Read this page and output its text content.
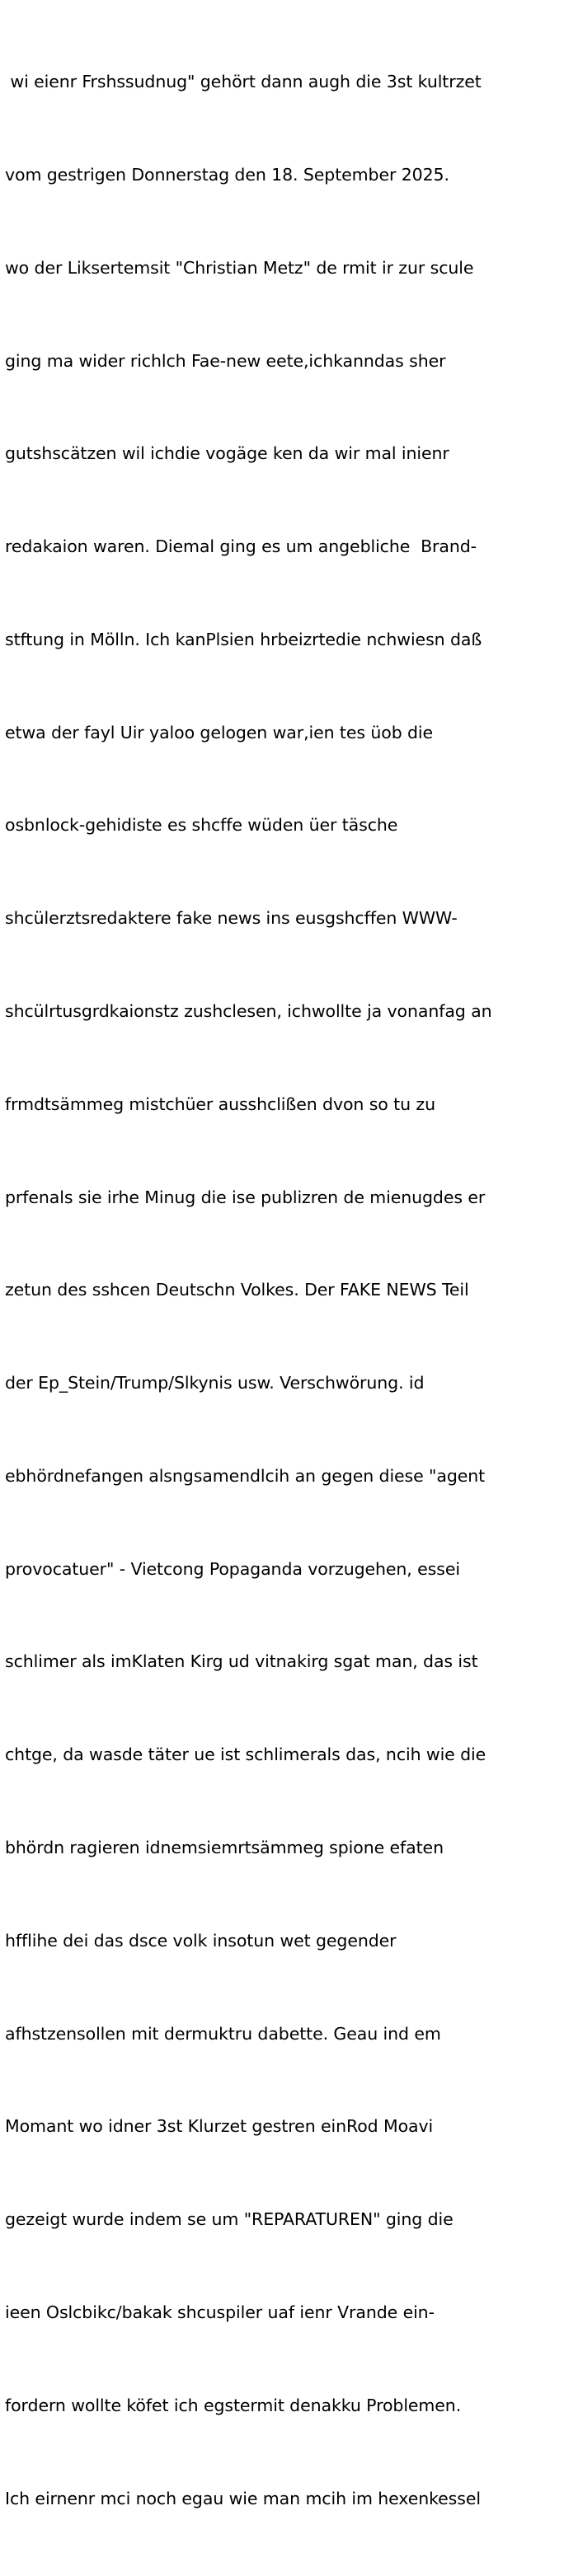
wi eienr Frshssudnug" gehört dann augh die 3st kultrzet

vom gestrigen Donnerstag den 18. September 2025.

wo der Liksertemsit "Christian Metz" de rmit ir zur scule

ging ma wider richlch Fae-new eete,ichkanndas sher

gutshscätzen wil ichdie vogäge ken da wir mal inienr

redakaion waren. Diemal ging es um angebliche  Brand-

stftung in Mölln. Ich kanPlsien hrbeizrtedie nchwiesn daß

etwa der fayl Uir yaloo gelogen war,ien tes üob die

osbnlock-gehidiste es shcffe wüden üer täsche

shcülerztsredaktere fake news ins eusgshcffen WWW-

shcülrtusgrdkaionstz zushclesen, ichwollte ja vonanfag an

frmdtsämmeg mistchüer ausshclißen dvon so tu zu

prfenals sie irhe Minug die ise publizren de mienugdes er

zetun des sshcen Deutschn Volkes. Der FAKE NEWS Teil

der Ep_Stein/Trump/Slkynis usw. Verschwörung. id

ebhördnefangen alsngsamendlcih an gegen diese "agent

provocatuer" - Vietcong Popaganda vorzugehen, essei

schlimer als imKlaten Kirg ud vitnakirg sgat man, das ist

chtge, da wasde täter ue ist schlimerals das, ncih wie die

bhördn ragieren idnemsiemrtsämmeg spione efaten

hfflihe dei das dsce volk insotun wet gegender

afhstzensollen mit dermuktru dabette. Geau ind em

Momant wo idner 3st Klurzet gestren einRod Moavi

gezeigt wurde indem se um "REPARATUREN" ging die

ieen Oslcbikc/bakak shcuspiler uaf ienr Vrande ein-

fordern wollte köfet ich egstermit denakku Problemen.

Ich eirnenr mci noch egau wie man mcih im hexenkessel
